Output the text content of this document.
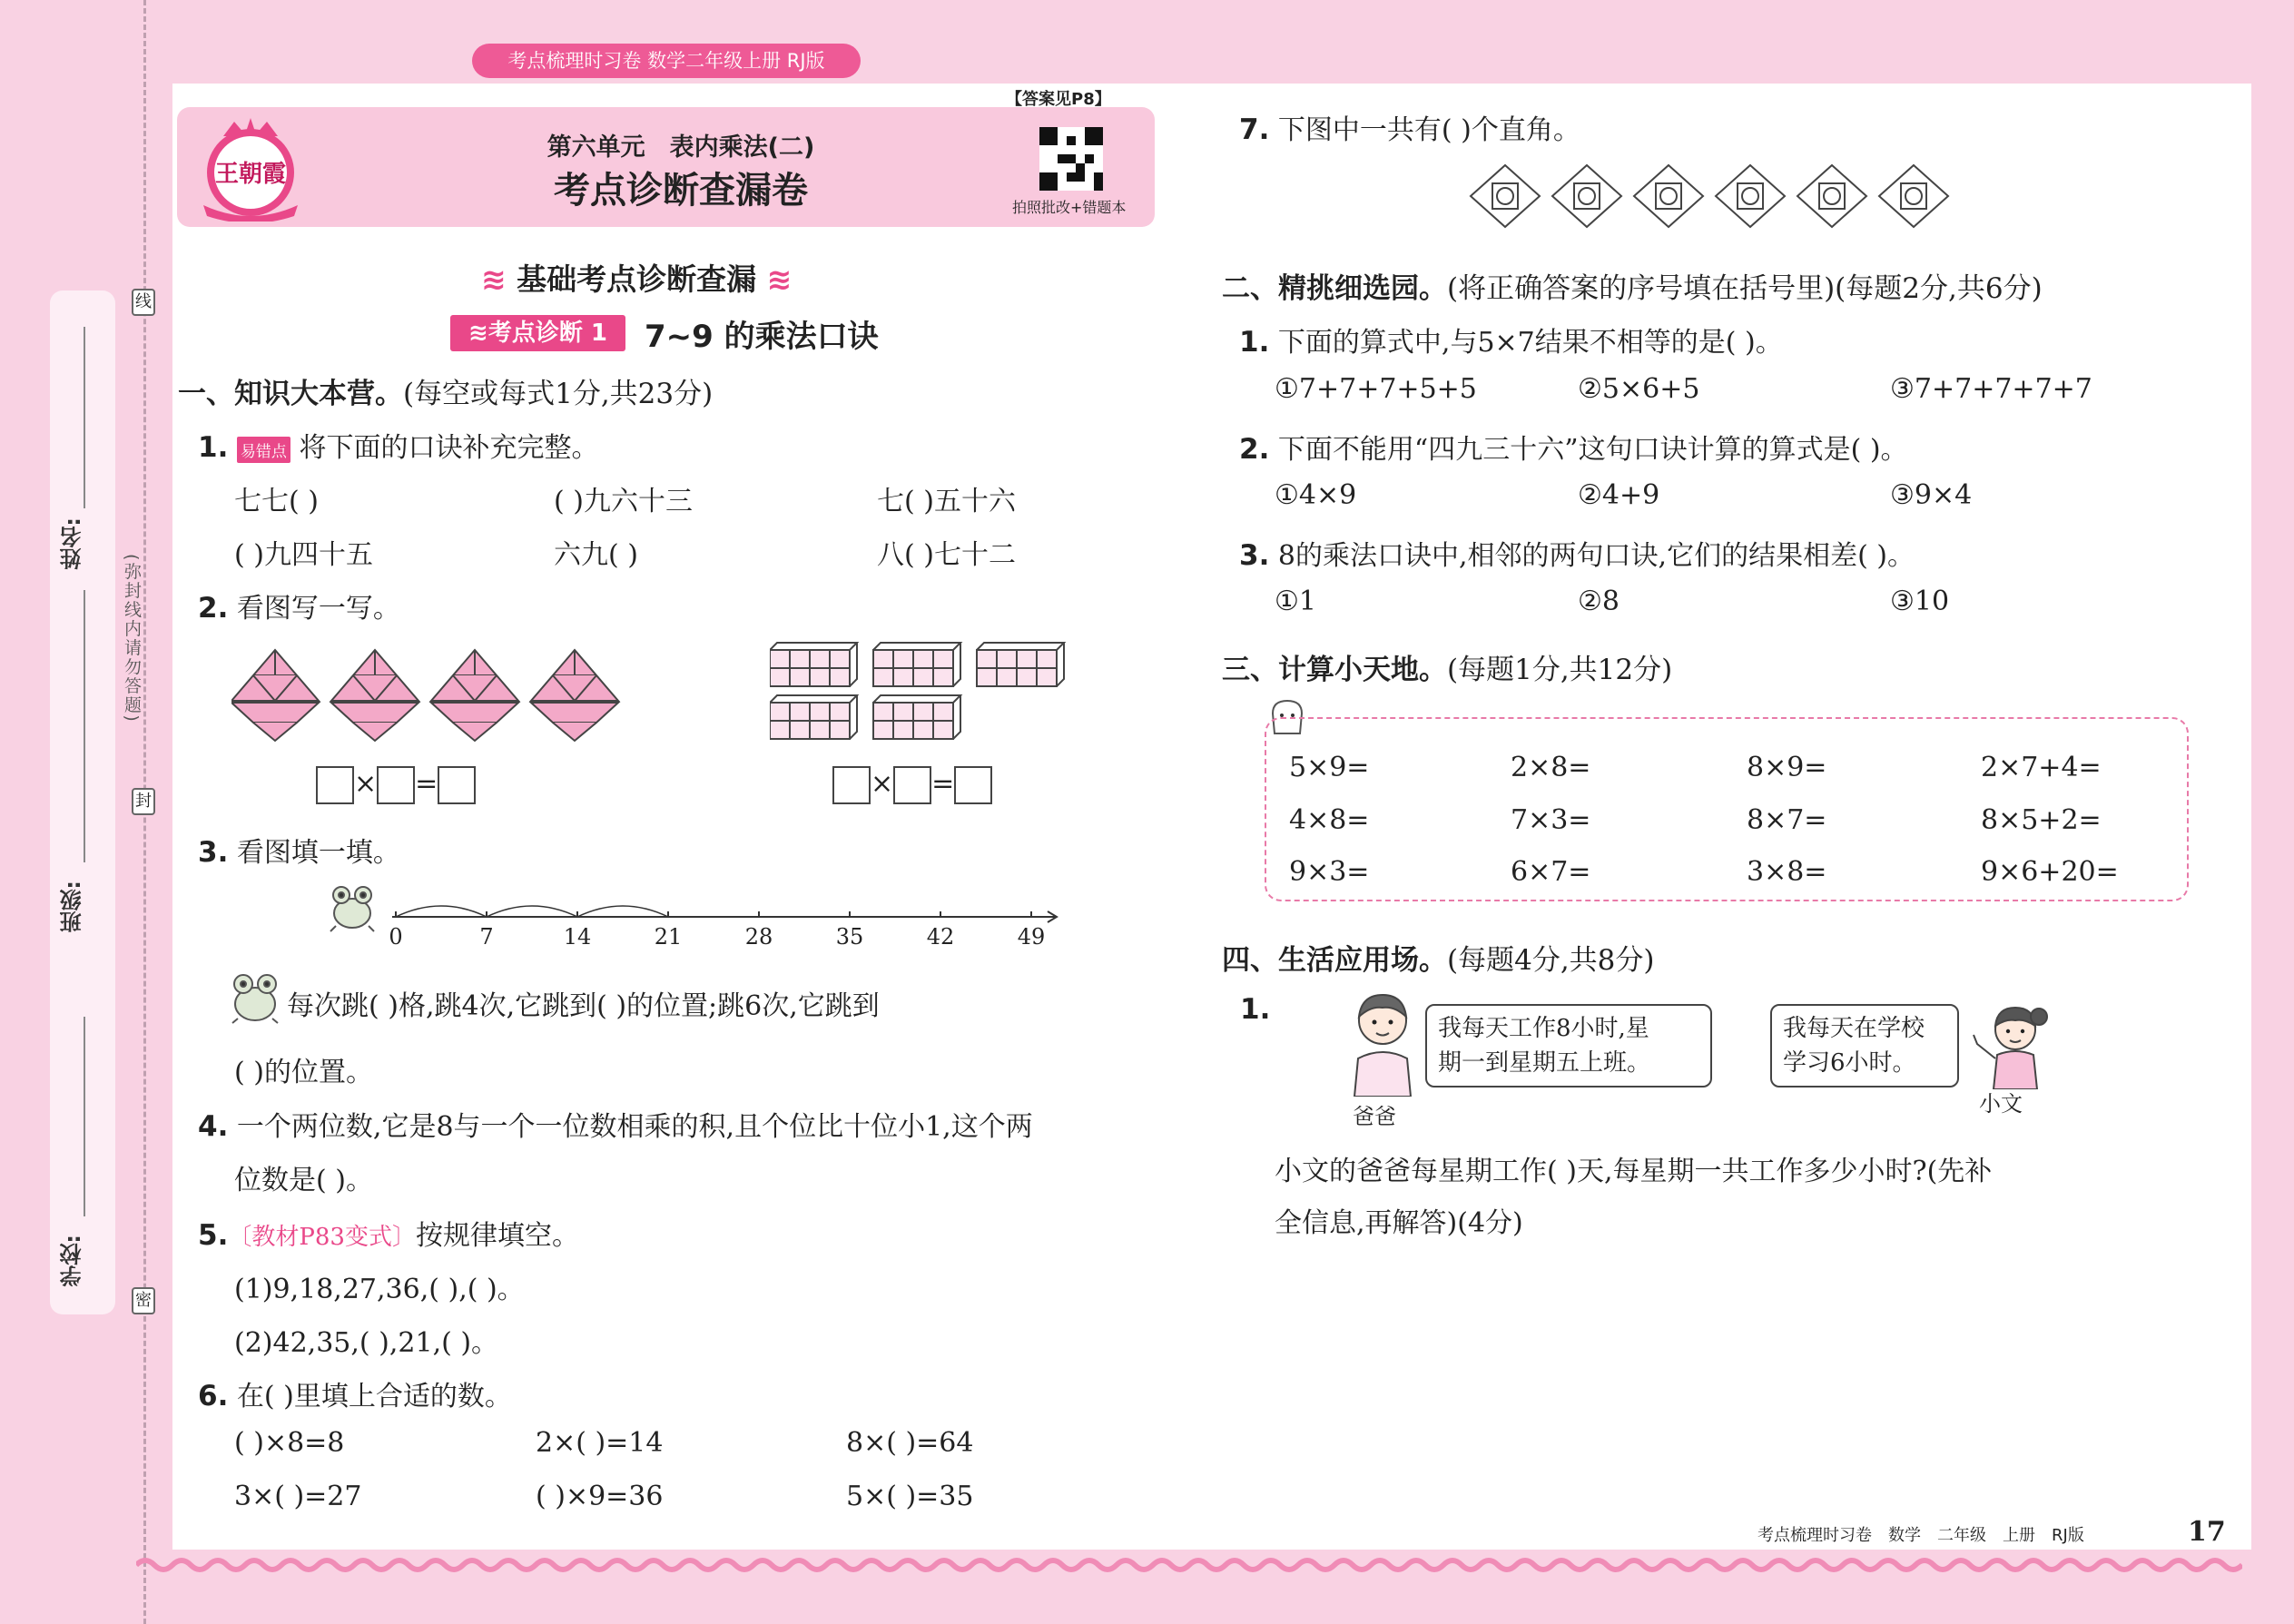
姓名:
班级:
学校:
(弥封线内请勿答题)
线
封
密
考点梳理时习卷 数学二年级上册 RJ版
王朝霞
第六单元　表内乘法(二)
考点诊断查漏卷
【答案见P8】
拍照批改+错题本
≋ 基础考点诊断查漏 ≋
≋考点诊断 1	7~9 的乘法口诀
一、知识大本营。(每空或每式1分,共23分)
1. 易错点 将下面的口诀补充完整。
七七( )	( )九六十三	七( )五十六
( )九四十五	六九( )	八( )七十二
2. 看图写一写。
× =	× =
3. 看图填一填。
0	7	14	21	28	35	42	49
每次跳( )格,跳4次,它跳到( )的位置;跳6次,它跳到
( )的位置。
4. 一个两位数,它是8与一个一位数相乘的积,且个位比十位小1,这个两
位数是( )。
5.〔教材P83变式〕按规律填空。
(1)9,18,27,36,( ),( )。
(2)42,35,( ),21,( )。
6. 在( )里填上合适的数。
( )×8=8	2×( )=14	8×( )=64
3×( )=27	( )×9=36	5×( )=35
7. 下图中一共有( )个直角。
二、精挑细选园。(将正确答案的序号填在括号里)(每题2分,共6分)
1. 下面的算式中,与5×7结果不相等的是( )。
①7+7+7+5+5	②5×6+5	③7+7+7+7+7
2. 下面不能用“四九三十六”这句口诀计算的算式是( )。
①4×9	②4+9	③9×4
3. 8的乘法口诀中,相邻的两句口诀,它们的结果相差( )。
①1	②8	③10
三、计算小天地。(每题1分,共12分)
5×9=	2×8=	8×9=	2×7+4=
4×8=	7×3=	8×7=	8×5+2=
9×3=	6×7=	3×8=	9×6+20=
四、生活应用场。(每题4分,共8分)
1.
爸爸
我每天工作8小时,星
期一到星期五上班。
我每天在学校
学习6小时。
小文
小文的爸爸每星期工作( )天,每星期一共工作多少小时?(先补
全信息,再解答)(4分)
考点梳理时习卷　数学　二年级　上册　RJ版	17
